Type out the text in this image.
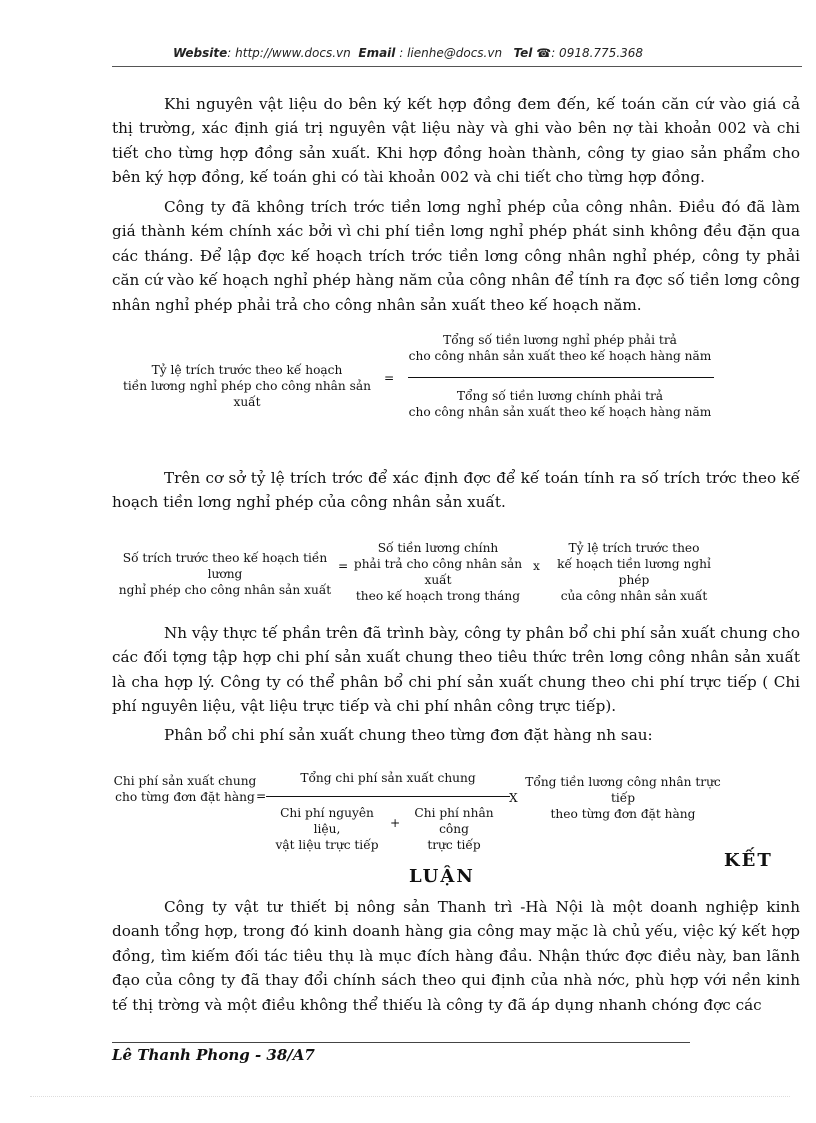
Website: http://www.docs.vn Email : lienhe@docs.vn Tel ☎: 0918.775.368

Khi nguyên vật liệu do bên ký kết hợp đồng đem đến, kế toán căn cứ vào giá cả thị trường, xác định giá trị nguyên vật liệu này và ghi vào bên nợ tài khoản 002 và chi tiết cho từng hợp đồng sản xuất. Khi hợp đồng hoàn thành, công ty giao sản phẩm cho bên ký hợp đồng, kế toán ghi có tài khoản 002 và chi tiết cho từng hợp đồng.

Công ty đã không trích trớc tiền lơng nghỉ phép của công nhân. Điều đó đã làm giá thành kém chính xác bởi vì chi phí tiền lơng nghỉ phép phát sinh không đều đặn qua các tháng. Để lập đợc kế hoạch trích trớc tiền lơng công nhân nghỉ phép, công ty phải căn cứ vào kế hoạch nghỉ phép hàng năm của công nhân để tính ra đợc số tiền lơng công nhân nghỉ phép phải trả cho công nhân sản xuất theo kế hoạch năm.

Tỷ lệ trích trước theo kế hoạch
tiền lương nghỉ phép cho công nhân sản xuất
=
Tổng số tiền lương nghỉ phép phải trả
cho công nhân sản xuất theo kế hoạch hàng năm
Tổng số tiền lương chính phải trả
cho công nhân sản xuất theo kế hoạch hàng năm

Trên cơ sở tỷ lệ trích trớc để xác định đợc để kế toán tính ra số trích trớc theo kế hoạch tiền lơng nghỉ phép của công nhân sản xuất.

Số trích trước theo kế hoạch tiền lương
nghỉ phép cho công nhân sản xuất
=
Số tiền lương chính
phải trả cho công nhân sản xuất
theo kế hoạch trong tháng
x
Tỷ lệ trích trước theo
kế hoạch tiền lương nghỉ phép
của công nhân sản xuất

Nh vậy thực tế phần trên đã trình bày, công ty phân bổ chi phí sản xuất chung cho các đối tợng tập hợp chi phí sản xuất chung theo tiêu thức trên lơng công nhân sản xuất là cha hợp lý. Công ty có thể phân bổ chi phí sản xuất chung theo chi phí trực tiếp ( Chi phí nguyên liệu, vật liệu trực tiếp và chi phí nhân công trực tiếp).

Phân bổ chi phí sản xuất chung theo từng đơn đặt hàng nh sau:

Chi phí sản xuất chung
cho từng đơn đặt hàng =
Tổng chi phí sản xuất chung
Chi phí nguyên liệu,
vật liệu trực tiếp
+
Chi phí nhân công
trực tiếp
X
Tổng tiền lương công nhân trực tiếp
theo từng đơn đặt hàng
KẾT
LUẬN

Công ty vật tư thiết bị nông sản Thanh trì -Hà Nội là một doanh nghiệp kinh doanh tổng hợp, trong đó kinh doanh hàng gia công may mặc là chủ yếu, việc ký kết hợp đồng, tìm kiếm đối tác tiêu thụ là mục đích hàng đầu. Nhận thức đợc điều này, ban lãnh đạo của công ty đã thay đổi chính sách theo qui định của nhà nớc, phù hợp với nền kinh tế thị trờng và một điều không thể thiếu là công ty đã áp dụng nhanh chóng đợc các

Lê Thanh Phong - 38/A7
